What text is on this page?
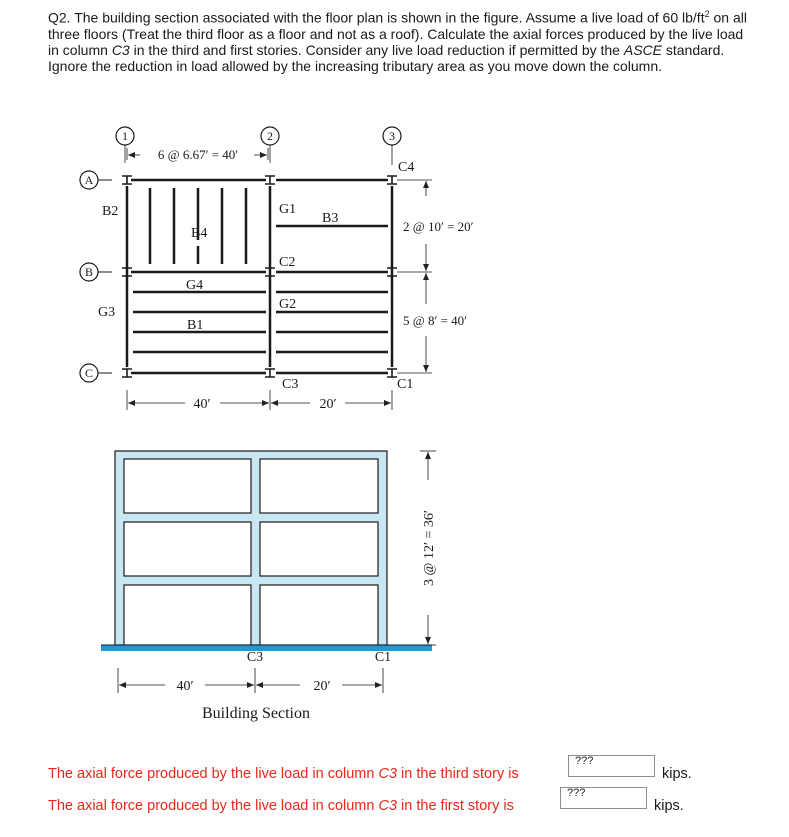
Q2. The building section associated with the floor plan is shown in the figure. Assume a live load of 60 $lb/ft^2$ on all three floors (Treat the third floor as a floor and not as a roof). Calculate the axial forces produced by the live load in column C3 in the third and first stories. Consider any live load reduction if permitted by the ASCE standard. Ignore the reduction in load allowed by the increasing tributary area as you move down the column.
1	2	3
A
B
C
6 @ 6.67′ = 40′
2 @ 10′ = 20′
5 @ 8′ = 40′
40′	20′
B2
B4
G1
B3
C2
G4
G2
G3
B1
C3
C4
C1
3 @ 12′ = 36′
C3	C1
40′	20′
Building Section
The axial force produced by the live load in column C3 in the third story is
???
kips.
The axial force produced by the live load in column C3 in the first story is
???
kips.
